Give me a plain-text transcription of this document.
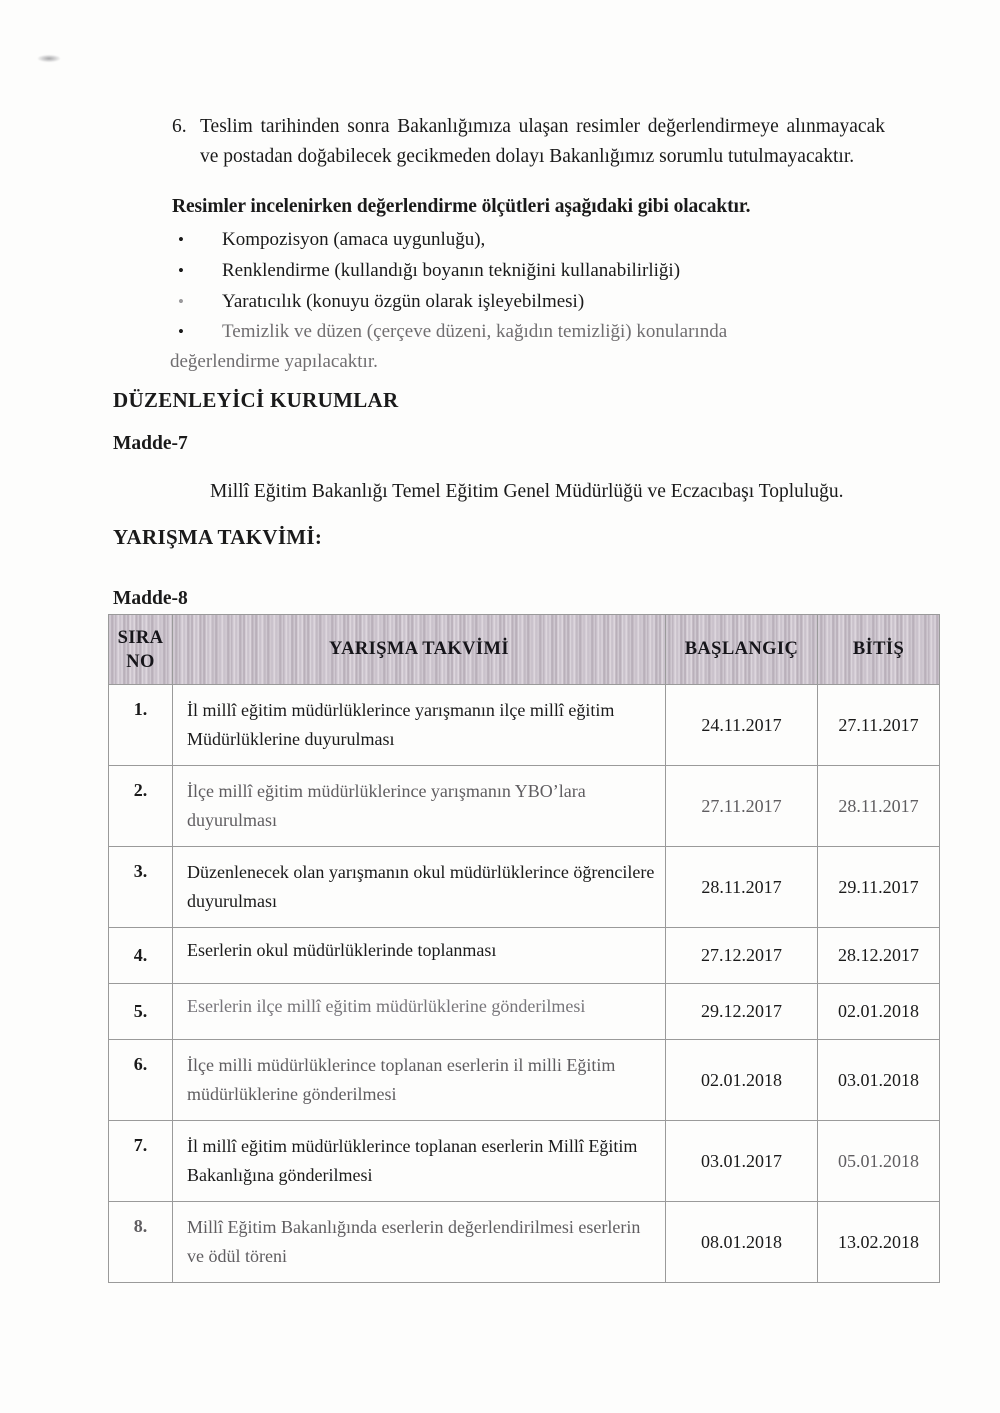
6. Teslim tarihinden sonra Bakanlığımıza ulaşan resimler değerlendirmeye alınmayacak ve postadan doğabilecek gecikmeden dolayı Bakanlığımız sorumlu tutulmayacaktır.
Resimler incelenirken değerlendirme ölçütleri aşağıdaki gibi olacaktır.
•	Kompozisyon (amaca uygunluğu),
•	Renklendirme (kullandığı boyanın tekniğini kullanabilirliği)
•	Yaratıcılık (konuyu özgün olarak işleyebilmesi)
•	Temizlik ve düzen (çerçeve düzeni, kağıdın temizliği) konularında
değerlendirme yapılacaktır.
DÜZENLEYİCİ KURUMLAR
Madde-7
Millî Eğitim Bakanlığı Temel Eğitim Genel Müdürlüğü ve Eczacıbaşı Topluluğu.
YARIŞMA TAKVİMİ:
Madde-8
SIRA
NO	YARIŞMA TAKVİMİ	BAŞLANGIÇ	BİTİŞ
1.	İl millî eğitim müdürlüklerince yarışmanın ilçe millî eğitim Müdürlüklerine duyurulması	24.11.2017	27.11.2017
2.	İlçe millî eğitim müdürlüklerince yarışmanın YBO’lara duyurulması	27.11.2017	28.11.2017
3.	Düzenlenecek olan yarışmanın okul müdürlüklerince öğrencilere duyurulması	28.11.2017	29.11.2017
4.	Eserlerin okul müdürlüklerinde toplanması	27.12.2017	28.12.2017
5.	Eserlerin ilçe millî eğitim müdürlüklerine gönderilmesi	29.12.2017	02.01.2018
6.	İlçe milli müdürlüklerince toplanan eserlerin il milli Eğitim müdürlüklerine gönderilmesi	02.01.2018	03.01.2018
7.	İl millî eğitim müdürlüklerince toplanan eserlerin Millî Eğitim Bakanlığına gönderilmesi	03.01.2017	05.01.2018
8.	Millî Eğitim Bakanlığında eserlerin değerlendirilmesi eserlerin ve ödül töreni	08.01.2018	13.02.2018
